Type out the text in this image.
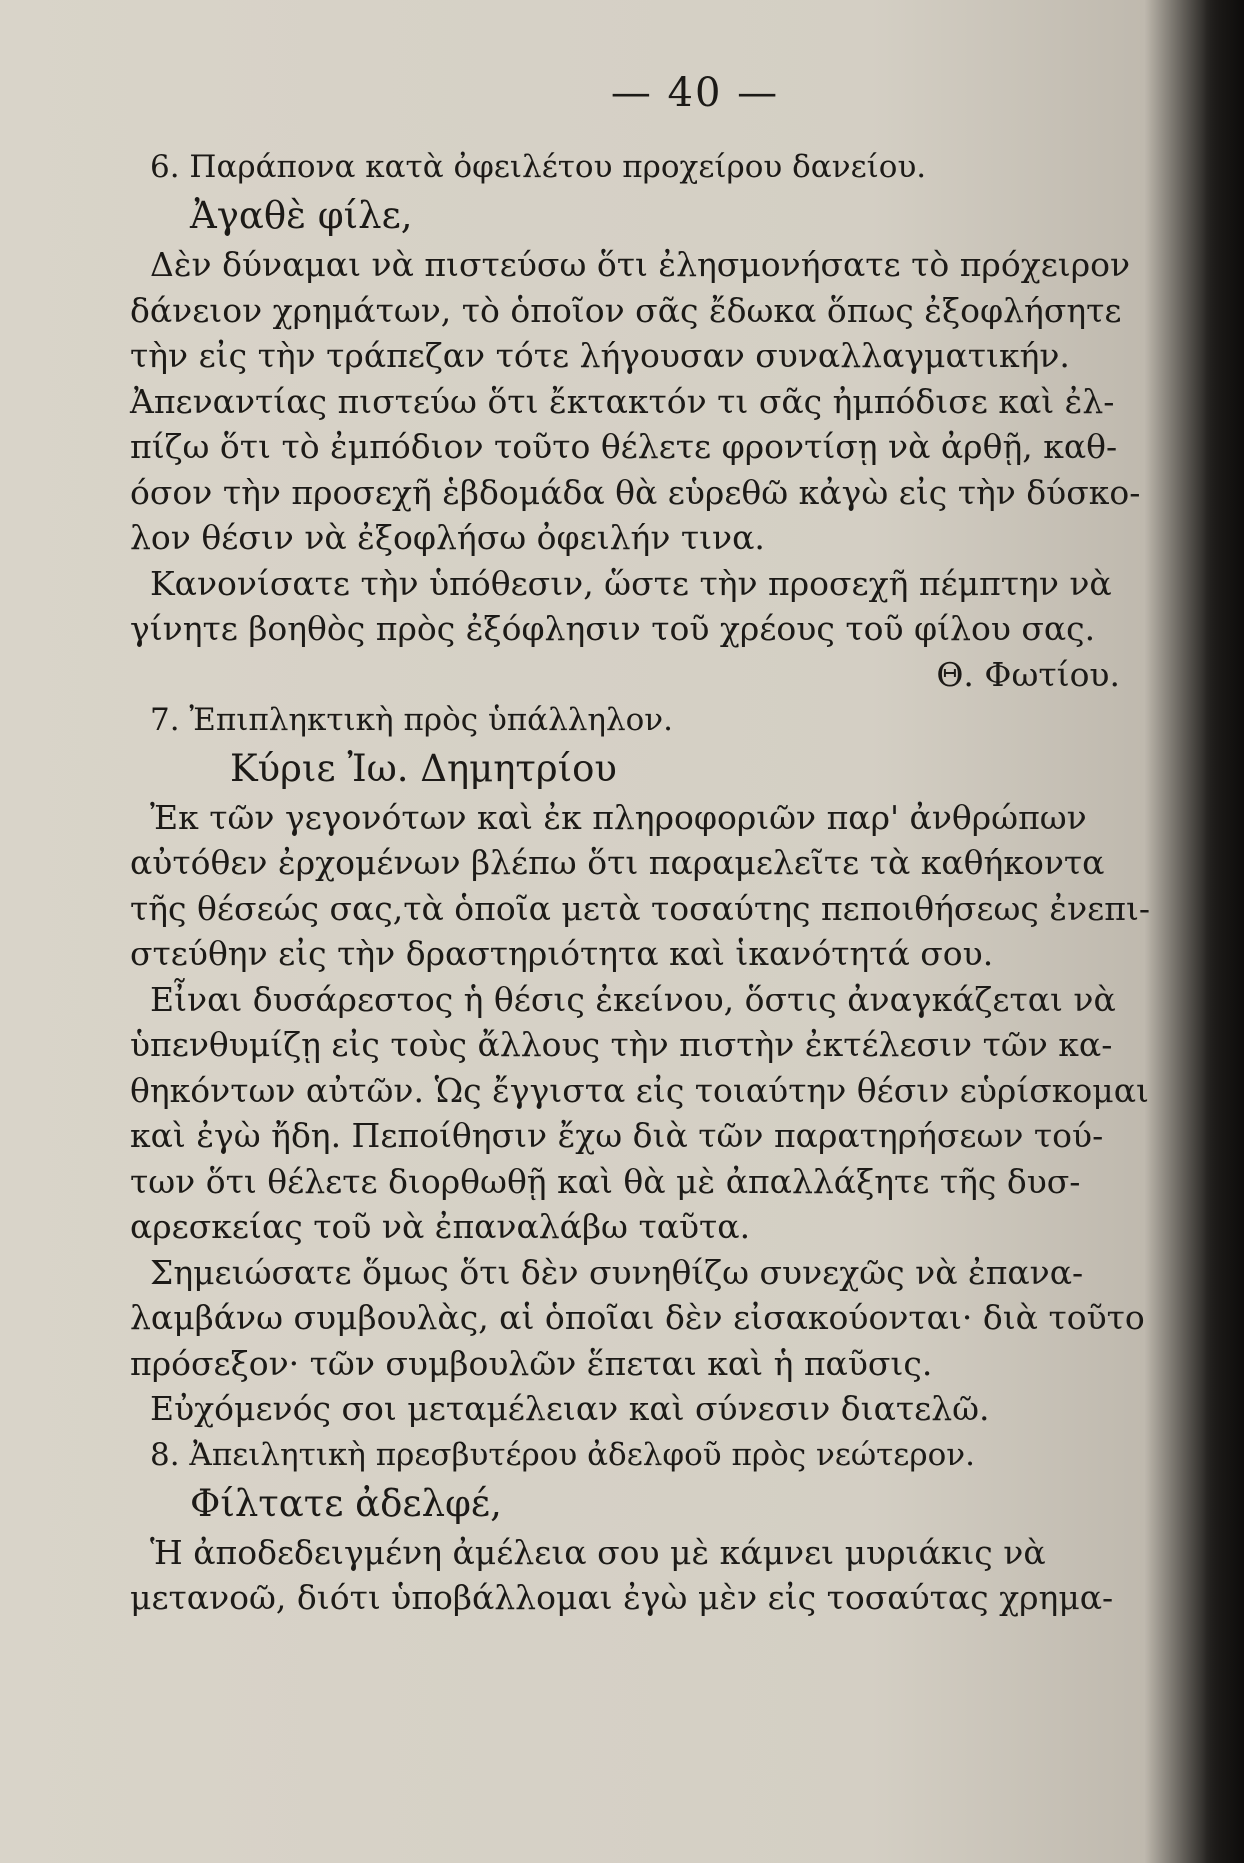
— 40 —
6. Παράπονα κατὰ ὀφειλέτου προχείρου δανείου.
Ἀγαθὲ φίλε,
Δὲν δύναμαι νὰ πιστεύσω ὅτι ἐλησμονήσατε τὸ πρόχειρον
δάνειον χρημάτων, τὸ ὁποῖον σᾶς ἔδωκα ὅπως ἐξοφλήσητε
τὴν εἰς τὴν τράπεζαν τότε λήγουσαν συναλλαγματικήν.
Ἀπεναντίας πιστεύω ὅτι ἔκτακτόν τι σᾶς ἠμπόδισε καὶ ἐλ-
πίζω ὅτι τὸ ἐμπόδιον τοῦτο θέλετε φροντίσῃ νὰ ἀρθῇ, καθ-
όσον τὴν προσεχῆ ἑβδομάδα θὰ εὑρεθῶ κἀγὼ εἰς τὴν δύσκο-
λον θέσιν νὰ ἐξοφλήσω ὀφειλήν τινα.
Κανονίσατε τὴν ὑπόθεσιν, ὥστε τὴν προσεχῆ πέμπτην νὰ
γίνητε βοηθὸς πρὸς ἐξόφλησιν τοῦ χρέους τοῦ φίλου σας.
Θ. Φωτίου.
7. Ἐπιπληκτικὴ πρὸς ὑπάλληλον.
Κύριε Ἰω. Δημητρίου
Ἐκ τῶν γεγονότων καὶ ἐκ πληροφοριῶν παρ' ἀνθρώπων
αὐτόθεν ἐρχομένων βλέπω ὅτι παραμελεῖτε τὰ καθήκοντα
τῆς θέσεώς σας,τὰ ὁποῖα μετὰ τοσαύτης πεποιθήσεως ἐνεπι-
στεύθην εἰς τὴν δραστηριότητα καὶ ἱκανότητά σου.
Εἶναι δυσάρεστος ἡ θέσις ἐκείνου, ὅστις ἀναγκάζεται νὰ
ὑπενθυμίζῃ εἰς τοὺς ἄλλους τὴν πιστὴν ἐκτέλεσιν τῶν κα-
θηκόντων αὐτῶν. Ὡς ἔγγιστα εἰς τοιαύτην θέσιν εὑρίσκομαι
καὶ ἐγὼ ἤδη. Πεποίθησιν ἔχω διὰ τῶν παρατηρήσεων τού-
των ὅτι θέλετε διορθωθῇ καὶ θὰ μὲ ἀπαλλάξητε τῆς δυσ-
αρεσκείας τοῦ νὰ ἐπαναλάβω ταῦτα.
Σημειώσατε ὅμως ὅτι δὲν συνηθίζω συνεχῶς νὰ ἐπανα-
λαμβάνω συμβουλὰς, αἱ ὁποῖαι δὲν εἰσακούονται· διὰ τοῦτο
πρόσεξον· τῶν συμβουλῶν ἕπεται καὶ ἡ παῦσις.
Εὐχόμενός σοι μεταμέλειαν καὶ σύνεσιν διατελῶ.
8. Ἀπειλητικὴ πρεσβυτέρου ἀδελφοῦ πρὸς νεώτερον.
Φίλτατε ἀδελφέ,
Ἡ ἀποδεδειγμένη ἀμέλεια σου μὲ κάμνει μυριάκις νὰ
μετανοῶ, διότι ὑποβάλλομαι ἐγὼ μὲν εἰς τοσαύτας χρημα-
